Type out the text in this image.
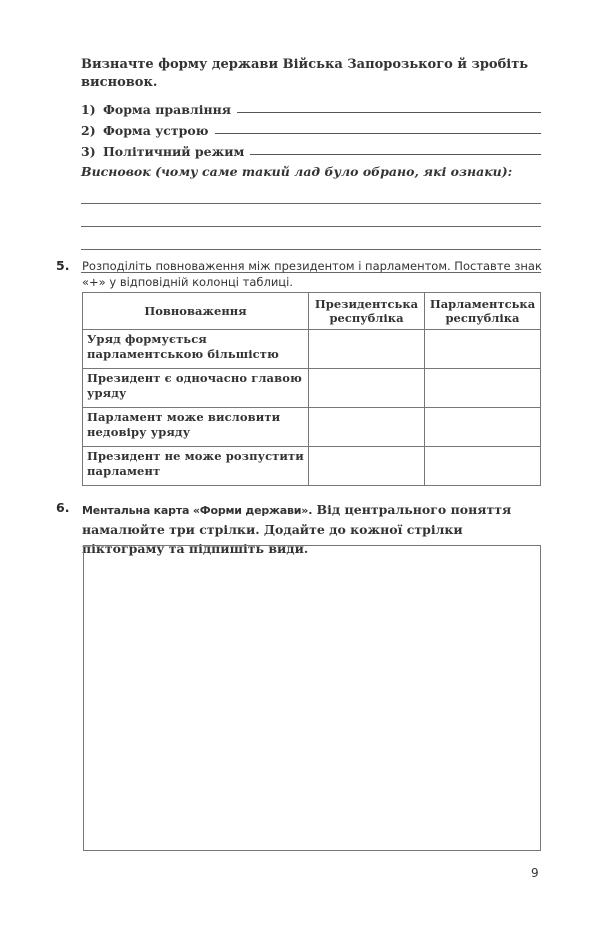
Визначте форму держави Війська Запорозького й зробіть висновок.

1) Форма правління
2) Форма устрою
3) Політичний режим
Висновок (чому саме такий лад було обрано, які ознаки):
5. Розподіліть повноваження між президентом і парламентом. Поставте знак «+» у відповідній колонці таблиці.
Повноваження	Президентська республіка	Парламентська республіка
Уряд формується парламентською більшістю		
Президент є одночасно главою уряду		
Парламент може висловити недовіру уряду		
Президент не може розпустити парламент		
6. Ментальна карта «Форми держави». Від центрального поняття намалюйте три стрілки. Додайте до кожної стрілки піктограму та підпишіть види.
9
